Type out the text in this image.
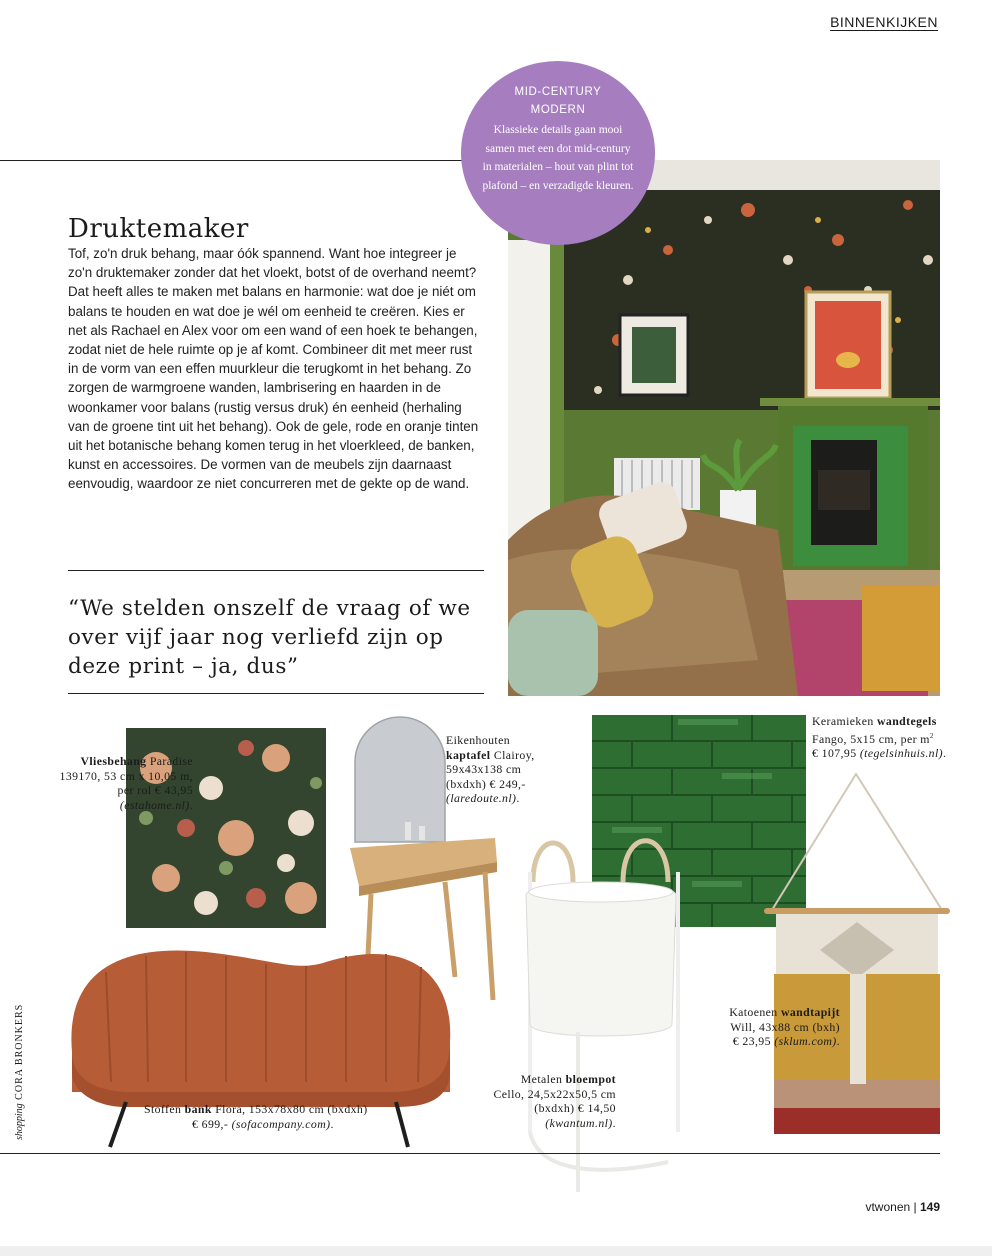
BINNENKIJKEN
MID-CENTURY
MODERN
Klassieke details gaan mooi samen met een dot mid-century in materialen – hout van plint tot plafond – en verzadigde kleuren.
Druktemaker
Tof, zo'n druk behang, maar óók spannend. Want hoe integreer je zo'n druktemaker zonder dat het vloekt, botst of de overhand neemt? Dat heeft alles te maken met balans en harmonie: wat doe je niét om balans te houden en wat doe je wél om eenheid te creëren. Kies er net als Rachael en Alex voor om een wand of een hoek te behangen, zodat niet de hele ruimte op je af komt. Combineer dit met meer rust in de vorm van een effen muurkleur die terugkomt in het behang. Zo zorgen de warmgroene wanden, lambrisering en haarden in de woonkamer voor balans (rustig versus druk) én eenheid (herhaling van de groene tint uit het behang). Ook de gele, rode en oranje tinten uit het botanische behang komen terug in het vloerkleed, de banken, kunst en accessoires. De vormen van de meubels zijn daarnaast eenvoudig, waardoor ze niet concurreren met de gekte op de wand.
“We stelden onszelf de vraag of we over vijf jaar nog verliefd zijn op deze print – ja, dus”
Vliesbehang Paradise
139170, 53 cm x 10,05 m,
per rol € 43,95
(estahome.nl).
Eikenhouten
kaptafel Clairoy,
59x43x138 cm
(bxdxh) € 249,-
(laredoute.nl).
Keramieken wandtegels
Fango, 5x15 cm, per $m^2$
€ 107,95 (tegelsinhuis.nl).
Katoenen wandtapijt
Will, 43x88 cm (bxh)
€ 23,95 (sklum.com).
Metalen bloempot
Cello, 24,5x22x50,5 cm
(bxdxh) € 14,50
(kwantum.nl).
Stoffen bank Flora, 153x78x80 cm (bxdxh)
€ 699,- (sofacompany.com).
shopping CORA BRONKERS
vtwonen | 149
